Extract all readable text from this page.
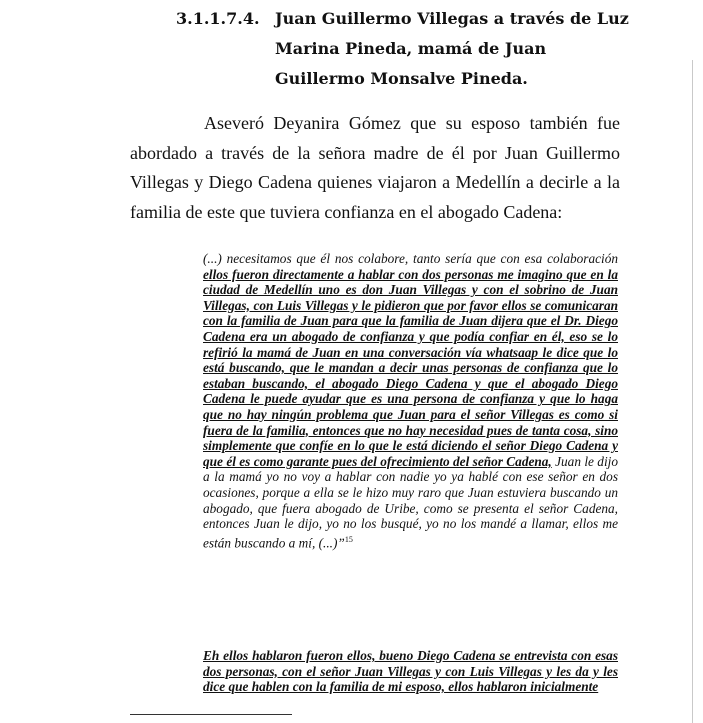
3.1.1.7.4. Juan Guillermo Villegas a través de Luz Marina Pineda, mamá de Juan Guillermo Monsalve Pineda.

Aseveró Deyanira Gómez que su esposo también fue abordado a través de la señora madre de él por Juan Guillermo Villegas y Diego Cadena quienes viajaron a Medellín a decirle a la familia de este que tuviera confianza en el abogado Cadena:

(...) necesitamos que él nos colabore, tanto sería que con esa colaboración ellos fueron directamente a hablar con dos personas me imagino que en la ciudad de Medellín uno es don Juan Villegas y con el sobrino de Juan Villegas, con Luis Villegas y le pidieron que por favor ellos se comunicaran con la familia de Juan para que la familia de Juan dijera que el Dr. Diego Cadena era un abogado de confianza y que podía confiar en él, eso se lo refirió la mamá de Juan en una conversación vía whatsaap le dice que lo está buscando, que le mandan a decir unas personas de confianza que lo estaban buscando, el abogado Diego Cadena y que el abogado Diego Cadena le puede ayudar que es una persona de confianza y que lo haga que no hay ningún problema que Juan para el señor Villegas es como si fuera de la familia, entonces que no hay necesidad pues de tanta cosa, sino simplemente que confíe en lo que le está diciendo el señor Diego Cadena y que él es como garante pues del ofrecimiento del señor Cadena, Juan le dijo a la mamá yo no voy a hablar con nadie yo ya hablé con ese señor en dos ocasiones, porque a ella se le hizo muy raro que Juan estuviera buscando un abogado, que fuera abogado de Uribe, como se presenta el señor Cadena, entonces Juan le dijo, yo no los busqué, yo no los mandé a llamar, ellos me están buscando a mí, (...)”$^{15}$

Eh ellos hablaron fueron ellos, bueno Diego Cadena se entrevista con esas dos personas, con el señor Juan Villegas y con Luis Villegas y les da y les dice que hablen con la familia de mi esposo, ellos hablaron inicialmente
